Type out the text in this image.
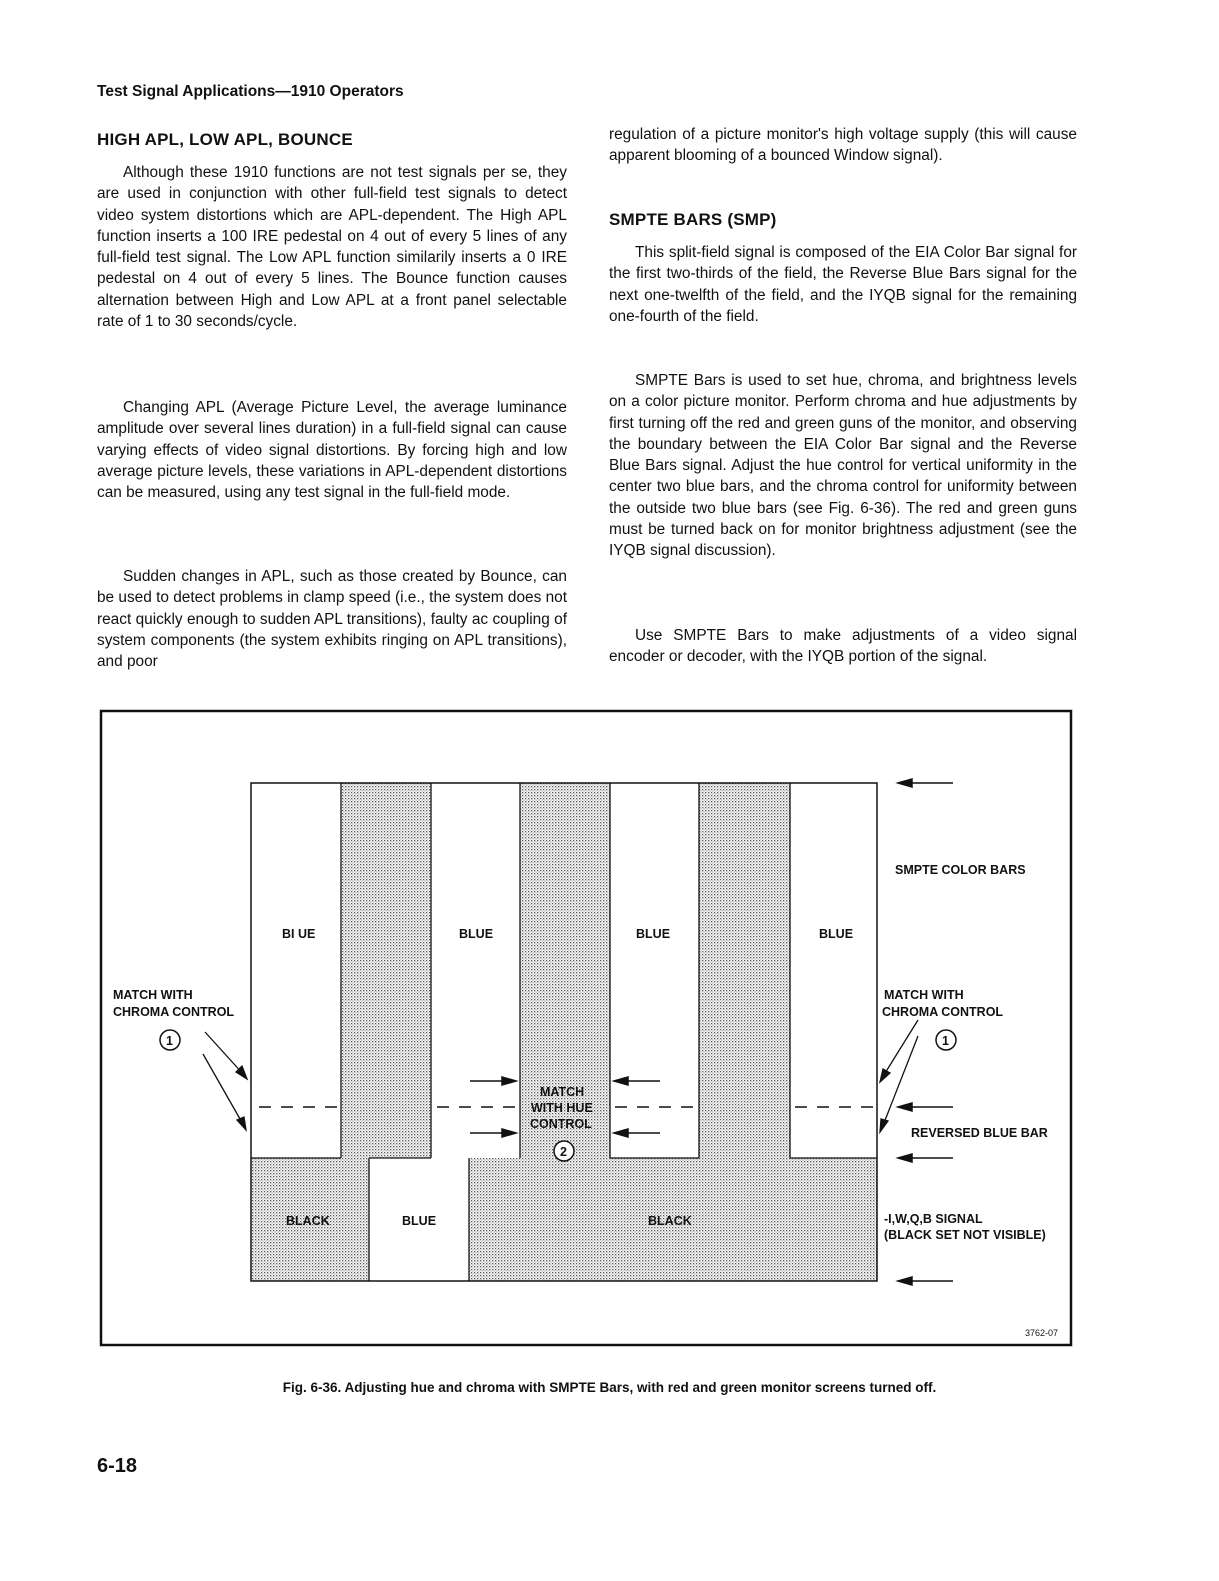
Test Signal Applications—1910 Operators
HIGH APL, LOW APL, BOUNCE
Although these 1910 functions are not test signals per se, they are used in conjunction with other full-field test signals to detect video system distortions which are APL-dependent. The High APL function inserts a 100 IRE pedestal on 4 out of every 5 lines of any full-field test signal. The Low APL function similarily inserts a 0 IRE pedestal on 4 out of every 5 lines. The Bounce function causes alternation between High and Low APL at a front panel selectable rate of 1 to 30 seconds/cycle.
Changing APL (Average Picture Level, the average luminance amplitude over several lines duration) in a full-field signal can cause varying effects of video signal distortions. By forcing high and low average picture levels, these variations in APL-dependent distortions can be measured, using any test signal in the full-field mode.
Sudden changes in APL, such as those created by Bounce, can be used to detect problems in clamp speed (i.e., the system does not react quickly enough to sudden APL transitions), faulty ac coupling of system components (the system exhibits ringing on APL transitions), and poor
regulation of a picture monitor's high voltage supply (this will cause apparent blooming of a bounced Window signal).
SMPTE BARS (SMP)
This split-field signal is composed of the EIA Color Bar signal for the first two-thirds of the field, the Reverse Blue Bars signal for the next one-twelfth of the field, and the IYQB signal for the remaining one-fourth of the field.
SMPTE Bars is used to set hue, chroma, and brightness levels on a color picture monitor. Perform chroma and hue adjustments by first turning off the red and green guns of the monitor, and observing the boundary between the EIA Color Bar signal and the Reverse Blue Bars signal. Adjust the hue control for vertical uniformity in the center two blue bars, and the chroma control for uniformity between the outside two blue bars (see Fig. 6-36). The red and green guns must be turned back on for monitor brightness adjustment (see the IYQB signal discussion).
Use SMPTE Bars to make adjustments of a video signal encoder or decoder, with the IYQB portion of the signal.
BI UE	BLUE	BLUE	BLUE
SMPTE COLOR BARS
MATCH WITH
CHROMA CONTROL
MATCH WITH
CHROMA CONTROL
1	1
2
MATCH
WITH HUE
CONTROL
REVERSED BLUE BAR
BLACK	BLUE	BLACK	-I,W,Q,B SIGNAL
(BLACK SET NOT VISIBLE)
3762-07
Fig. 6-36. Adjusting hue and chroma with SMPTE Bars, with red and green monitor screens turned off.
6-18
